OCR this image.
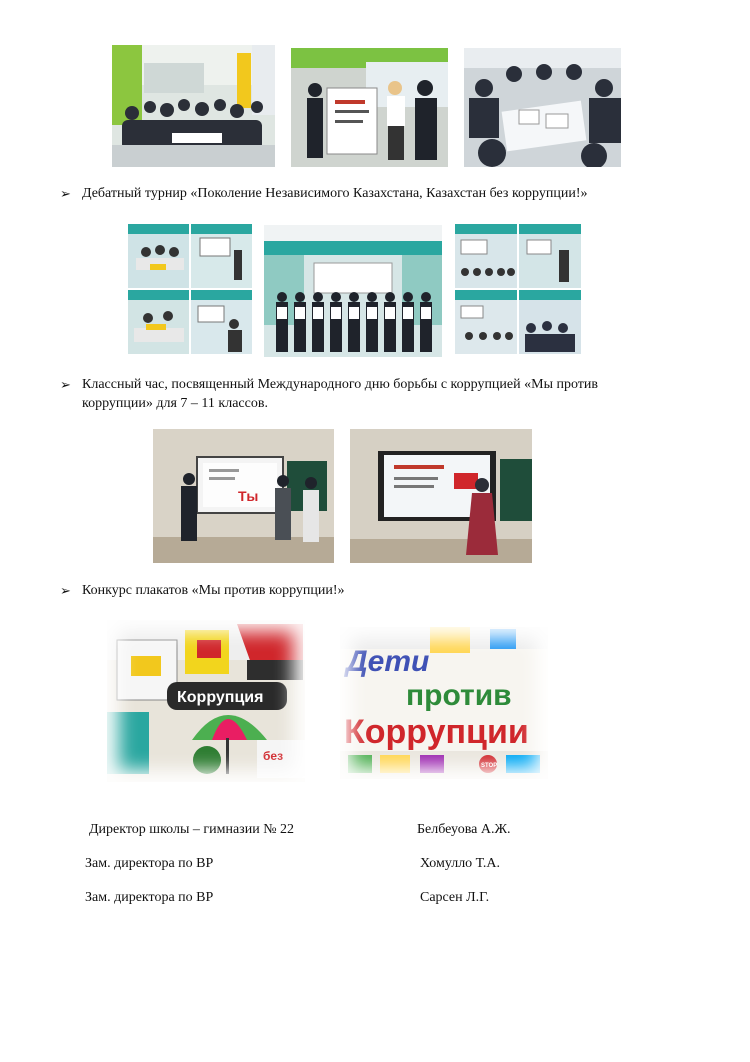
➢ Дебатный турнир «Поколение Независимого Казахстана, Казахстан без коррупции!»
➢ Классный час, посвященный Международного дню борьбы с коррупцией «Мы против
коррупции» для 7 – 11 классов.
Ты
➢ Конкурс плакатов «Мы против коррупции!»
Коррупция
без
Дети
против
Коррупции
STOP
Директор школы – гимназии № 22	Белбеуова А.Ж.
Зам. директора по ВР	Хомулло Т.А.
Зам. директора по ВР	Сарсен Л.Г.
